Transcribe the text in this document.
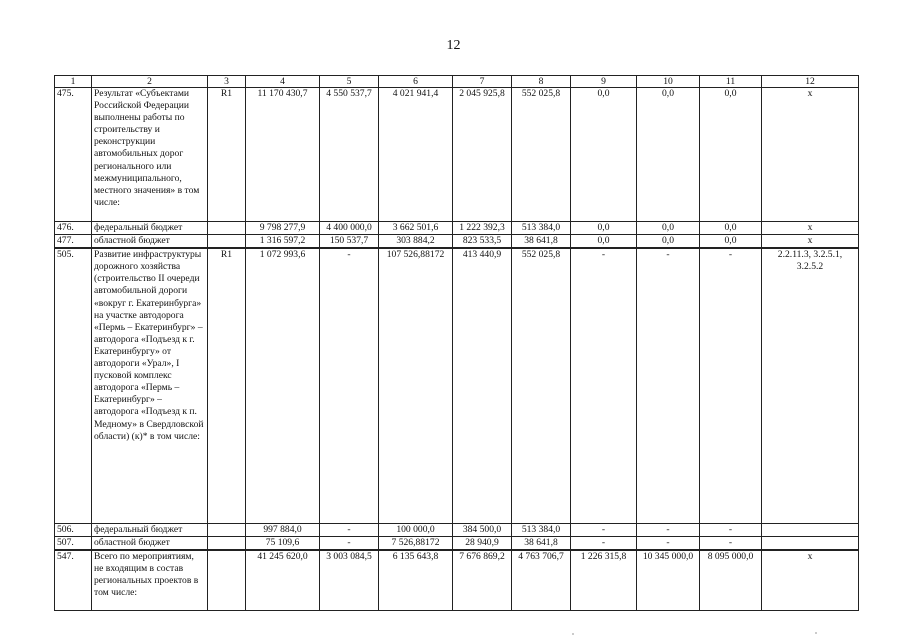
12
1	2	3	4	5	6	7	8	9	10	11	12
475.	Результат «Субъектами Российской Федерации выполнены работы по строительству и реконструкции автомобильных дорог регионального или межмуниципального, местного значения» в том числе:	R1	11 170 430,7	4 550 537,7	4 021 941,4	2 045 925,8	552 025,8	0,0	0,0	0,0	х
476.	федеральный бюджет		9 798 277,9	4 400 000,0	3 662 501,6	1 222 392,3	513 384,0	0,0	0,0	0,0	х
477.	областной бюджет		1 316 597,2	150 537,7	303 884,2	823 533,5	38 641,8	0,0	0,0	0,0	х
505.	Развитие инфраструктуры дорожного хозяйства (строительство II очереди автомобильной дороги «вокруг г. Екатеринбурга» на участке автодорога «Пермь – Екатеринбург» – автодорога «Подъезд к г. Екатеринбургу» от автодороги «Урал», I пусковой комплекс автодорога «Пермь – Екатеринбург» – автодорога «Подъезд к п. Медному» в Свердловской области) (к)* в том числе:	R1	1 072 993,6	-	107 526,88172	413 440,9	552 025,8	-	-	-	2.2.11.3, 3.2.5.1, 3.2.5.2
506.	федеральный бюджет		997 884,0	-	100 000,0	384 500,0	513 384,0	-	-	-	
507.	областной бюджет		75 109,6	-	7 526,88172	28 940,9	38 641,8	-	-	-	
547.	Всего по мероприятиям, не входящим в состав региональных проектов в том числе:		41 245 620,0	3 003 084,5	6 135 643,8	7 676 869,2	4 763 706,7	1 226 315,8	10 345 000,0	8 095 000,0	х
